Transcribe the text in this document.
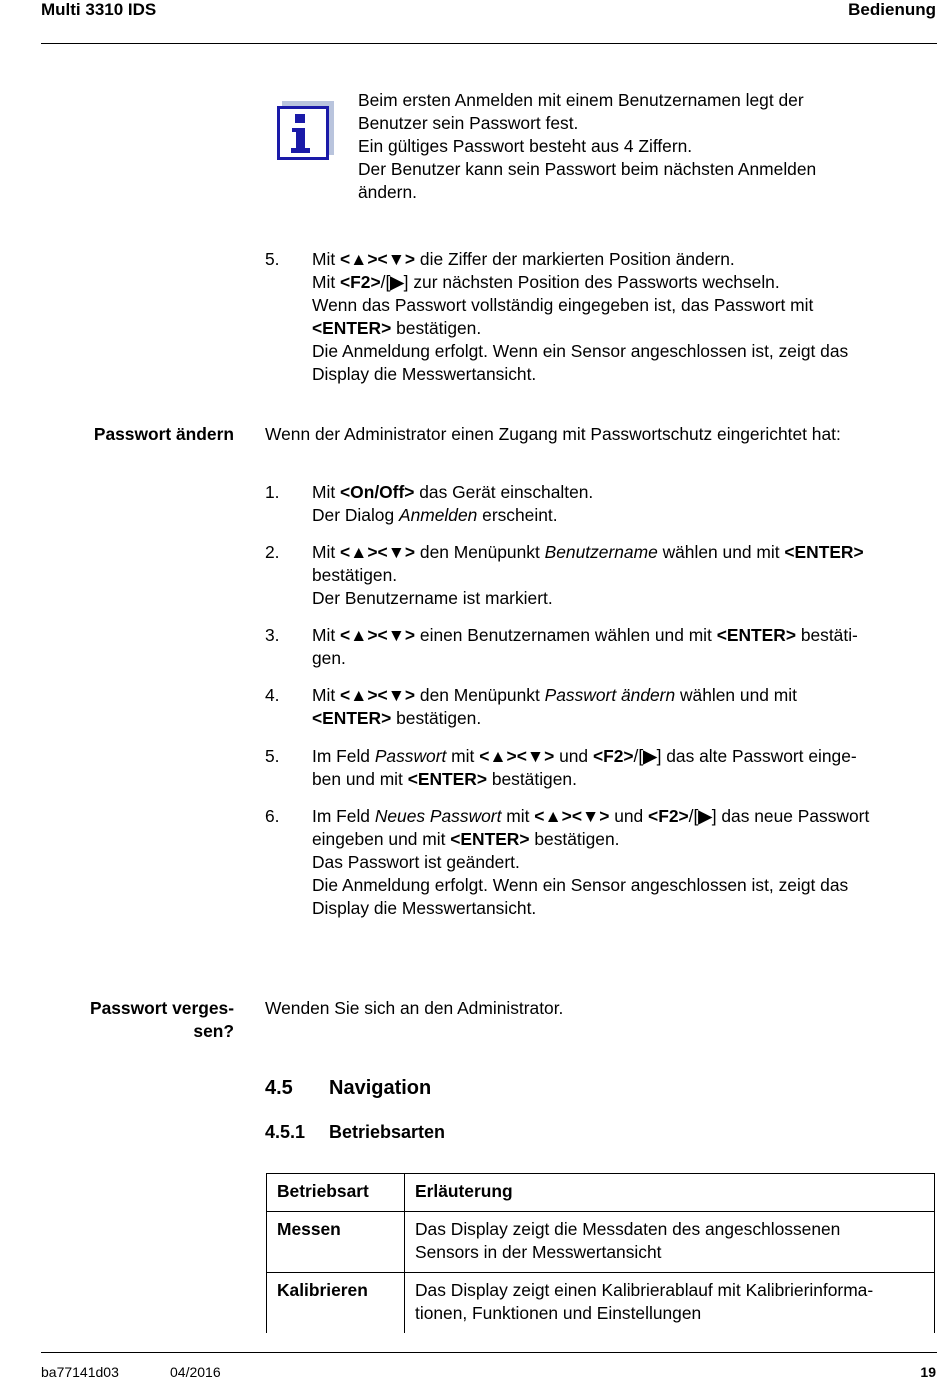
Multi 3310 IDS	Bedienung
Beim ersten Anmelden mit einem Benutzernamen legt der
Benutzer sein Passwort fest.
Ein gültiges Passwort besteht aus 4 Ziffern.
Der Benutzer kann sein Passwort beim nächsten Anmelden
ändern.
5. Mit <▲><▼> die Ziffer der markierten Position ändern.
Mit <F2>/[▶] zur nächsten Position des Passworts wechseln.
Wenn das Passwort vollständig eingegeben ist, das Passwort mit
<ENTER> bestätigen.
Die Anmeldung erfolgt. Wenn ein Sensor angeschlossen ist, zeigt das
Display die Messwertansicht.
Passwort ändern Wenn der Administrator einen Zugang mit Passwortschutz eingerichtet hat:
1. Mit <On/Off> das Gerät einschalten.
Der Dialog Anmelden erscheint.
2. Mit <▲><▼> den Menüpunkt Benutzername wählen und mit <ENTER>
bestätigen.
Der Benutzername ist markiert.
3. Mit <▲><▼> einen Benutzernamen wählen und mit <ENTER> bestäti-
gen.
4. Mit <▲><▼> den Menüpunkt Passwort ändern wählen und mit
<ENTER> bestätigen.
5. Im Feld Passwort mit <▲><▼> und <F2>/[▶] das alte Passwort einge-
ben und mit <ENTER> bestätigen.
6. Im Feld Neues Passwort mit <▲><▼> und <F2>/[▶] das neue Passwort
eingeben und mit <ENTER> bestätigen.
Das Passwort ist geändert.
Die Anmeldung erfolgt. Wenn ein Sensor angeschlossen ist, zeigt das
Display die Messwertansicht.
Passwort verges-
sen?
Wenden Sie sich an den Administrator.
4.5 Navigation
4.5.1 Betriebsarten
Betriebsart	Erläuterung
Messen	Das Display zeigt die Messdaten des angeschlossenen
Sensors in der Messwertansicht

Kalibrieren	Das Display zeigt einen Kalibrierablauf mit Kalibrierinforma-
tionen, Funktionen und Einstellungen
ba77141d03	04/2016	19
